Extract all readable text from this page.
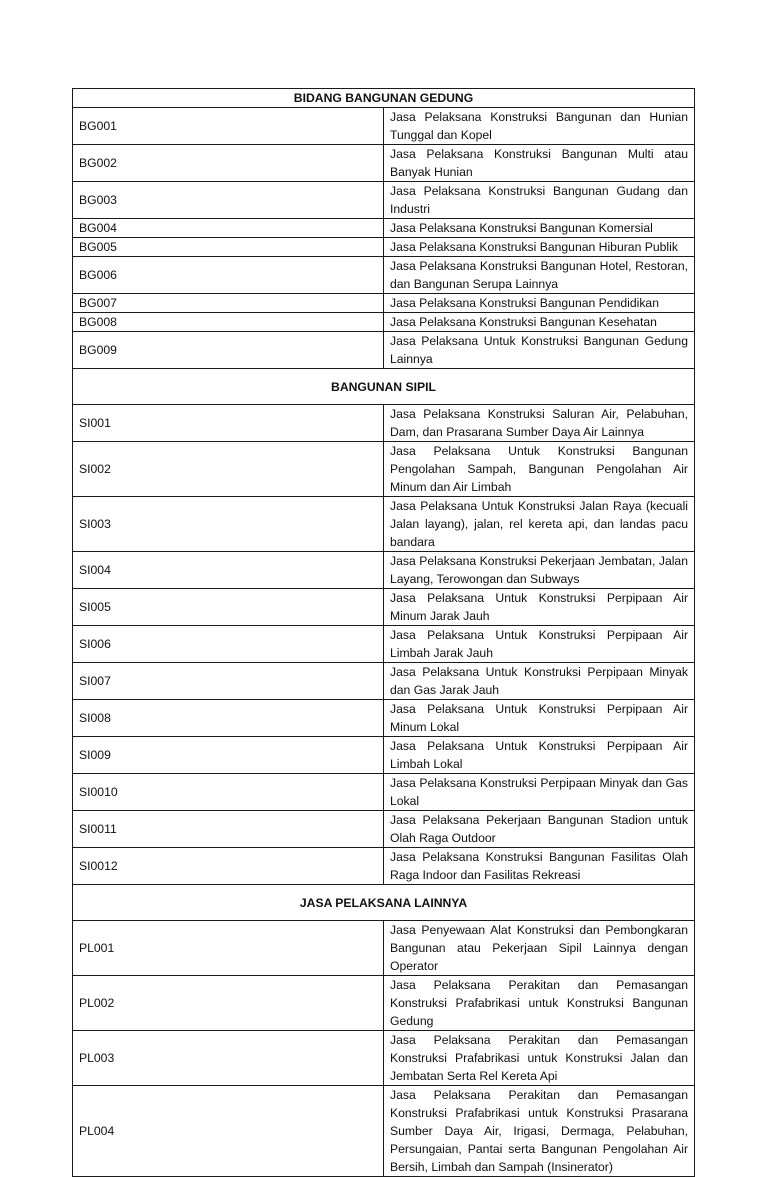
BIDANG BANGUNAN GEDUNG	
BG001	Jasa Pelaksana Konstruksi Bangunan dan Hunian Tunggal dan Kopel
BG002	Jasa Pelaksana Konstruksi Bangunan Multi atau Banyak Hunian
BG003	Jasa Pelaksana Konstruksi Bangunan Gudang dan Industri
BG004	Jasa Pelaksana Konstruksi Bangunan Komersial
BG005	Jasa Pelaksana Konstruksi Bangunan Hiburan Publik
BG006	Jasa Pelaksana Konstruksi Bangunan Hotel, Restoran, dan Bangunan Serupa Lainnya
BG007	Jasa Pelaksana Konstruksi Bangunan Pendidikan
BG008	Jasa Pelaksana Konstruksi Bangunan Kesehatan
BG009	Jasa Pelaksana Untuk Konstruksi Bangunan Gedung Lainnya
BANGUNAN SIPIL	
SI001	Jasa Pelaksana Konstruksi Saluran Air, Pelabuhan, Dam, dan Prasarana Sumber Daya Air Lainnya
SI002	Jasa Pelaksana Untuk Konstruksi Bangunan Pengolahan Sampah, Bangunan Pengolahan Air Minum dan Air Limbah
SI003	Jasa Pelaksana Untuk Konstruksi Jalan Raya (kecuali Jalan layang), jalan, rel kereta api, dan landas pacu bandara
SI004	Jasa Pelaksana Konstruksi Pekerjaan Jembatan, Jalan Layang, Terowongan dan Subways
SI005	Jasa Pelaksana Untuk Konstruksi Perpipaan Air Minum Jarak Jauh
SI006	Jasa Pelaksana Untuk Konstruksi Perpipaan Air Limbah Jarak Jauh
SI007	Jasa Pelaksana Untuk Konstruksi Perpipaan Minyak dan Gas Jarak Jauh
SI008	Jasa Pelaksana Untuk Konstruksi Perpipaan Air Minum Lokal
SI009	Jasa Pelaksana Untuk Konstruksi Perpipaan Air Limbah Lokal
SI0010	Jasa Pelaksana Konstruksi Perpipaan Minyak dan Gas Lokal
SI0011	Jasa Pelaksana Pekerjaan Bangunan Stadion untuk Olah Raga Outdoor
SI0012	Jasa Pelaksana Konstruksi Bangunan Fasilitas Olah Raga Indoor dan Fasilitas Rekreasi
JASA PELAKSANA LAINNYA	
PL001	Jasa Penyewaan Alat Konstruksi dan Pembongkaran Bangunan atau Pekerjaan Sipil Lainnya dengan Operator
PL002	Jasa Pelaksana Perakitan dan Pemasangan Konstruksi Prafabrikasi untuk Konstruksi Bangunan Gedung
PL003	Jasa Pelaksana Perakitan dan Pemasangan Konstruksi Prafabrikasi untuk Konstruksi Jalan dan Jembatan Serta Rel Kereta Api
PL004	Jasa Pelaksana Perakitan dan Pemasangan Konstruksi Prafabrikasi untuk Konstruksi Prasarana Sumber Daya Air, Irigasi, Dermaga, Pelabuhan, Persungaian, Pantai serta Bangunan Pengolahan Air Bersih, Limbah dan Sampah (Insinerator)
